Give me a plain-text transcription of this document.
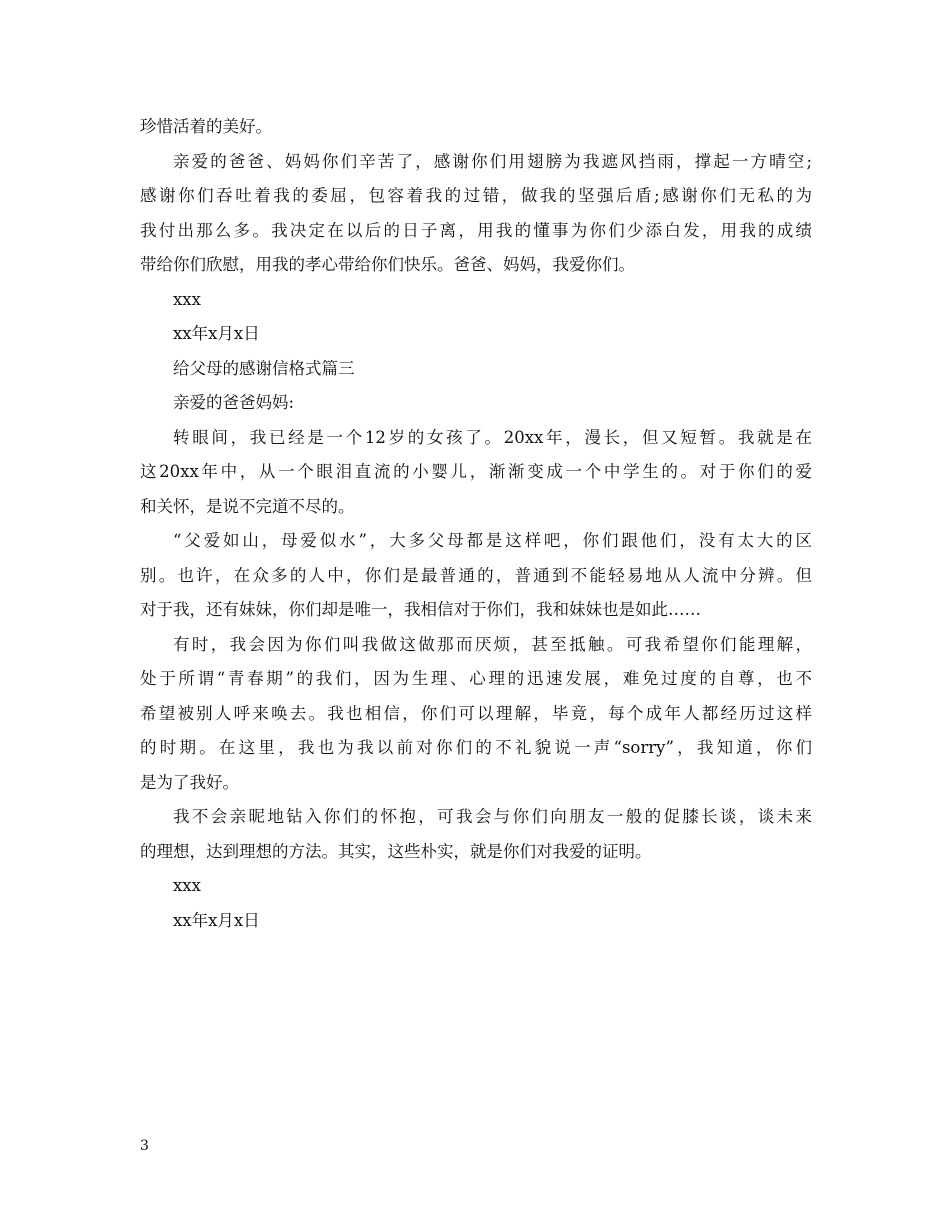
珍惜活着的美好。

亲爱的爸爸、妈妈你们辛苦了，感谢你们用翅膀为我遮风挡雨，撑起一方晴空;

感谢你们吞吐着我的委屈，包容着我的过错，做我的坚强后盾;感谢你们无私的为

我付出那么多。我决定在以后的日子离，用我的懂事为你们少添白发，用我的成绩

带给你们欣慰，用我的孝心带给你们快乐。爸爸、妈妈，我爱你们。

xxx

xx年x月x日

给父母的感谢信格式篇三

亲爱的爸爸妈妈:

转眼间，我已经是一个12岁的女孩了。20xx年，漫长，但又短暂。我就是在

这20xx年中，从一个眼泪直流的小婴儿，渐渐变成一个中学生的。对于你们的爱

和关怀，是说不完道不尽的。

“父爱如山，母爱似水”，大多父母都是这样吧，你们跟他们，没有太大的区

别。也许，在众多的人中，你们是最普通的，普通到不能轻易地从人流中分辨。但

对于我，还有妹妹，你们却是唯一，我相信对于你们，我和妹妹也是如此……

有时，我会因为你们叫我做这做那而厌烦，甚至抵触。可我希望你们能理解，

处于所谓“青春期”的我们，因为生理、心理的迅速发展，难免过度的自尊，也不

希望被别人呼来唤去。我也相信，你们可以理解，毕竟，每个成年人都经历过这样

的时期。在这里，我也为我以前对你们的不礼貌说一声“sorry”，我知道，你们

是为了我好。

我不会亲昵地钻入你们的怀抱，可我会与你们向朋友一般的促膝长谈，谈未来

的理想，达到理想的方法。其实，这些朴实，就是你们对我爱的证明。

xxx

xx年x月x日

3
